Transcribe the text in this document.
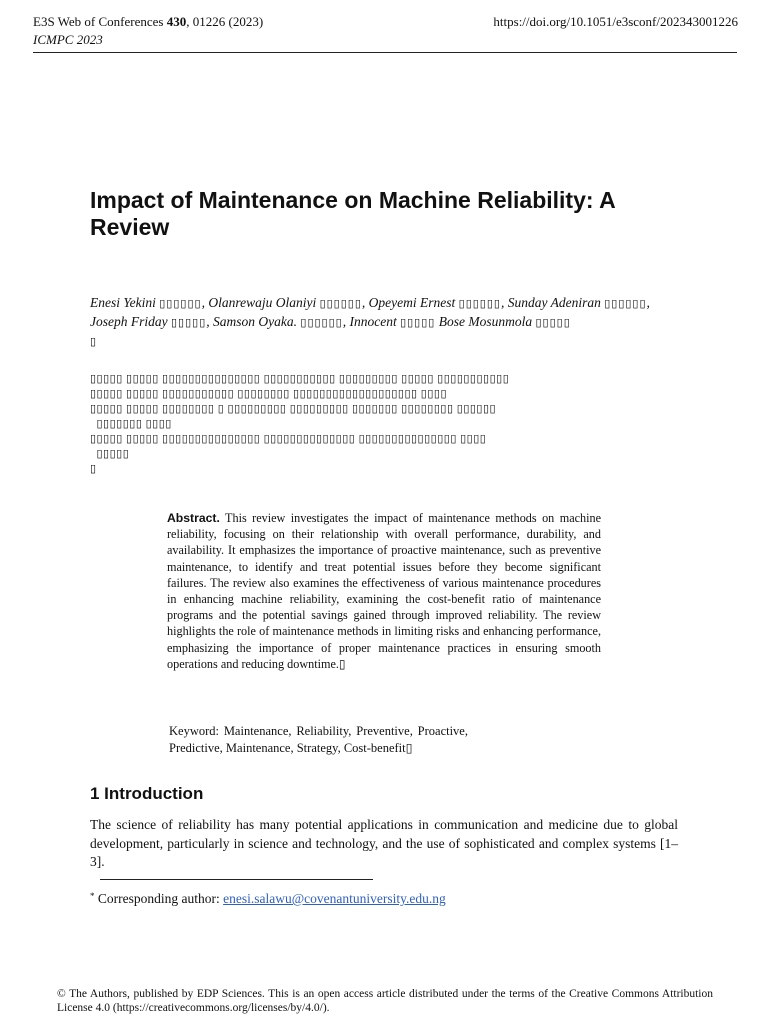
E3S Web of Conferences 430, 01226 (2023)	https://doi.org/10.1051/e3sconf/202343001226
ICMPC 2023
Impact of Maintenance on Machine Reliability: A Review
Enesi Yekini ▯▯▯▯▯▯, Olanrewaju Olaniyi ▯▯▯▯▯▯, Opeyemi Ernest ▯▯▯▯▯▯, Sunday Adeniran ▯▯▯▯▯▯, Joseph Friday ▯▯▯▯▯, Samson Oyaka. ▯▯▯▯▯▯, Innocent ▯▯▯▯▯ Bose Mosunmola ▯▯▯▯▯
▯
▯▯▯▯▯ ▯▯▯▯▯ ▯▯▯▯▯▯▯▯▯▯▯▯▯▯▯ ▯▯▯▯▯▯▯▯▯▯▯ ▯▯▯▯▯▯▯▯▯ ▯▯▯▯▯ ▯▯▯▯▯▯▯▯▯▯▯
▯▯▯▯▯ ▯▯▯▯▯ ▯▯▯▯▯▯▯▯▯▯▯ ▯▯▯▯▯▯▯▯ ▯▯▯▯▯▯▯▯▯▯▯▯▯▯▯▯▯▯▯ ▯▯▯▯
▯▯▯▯▯ ▯▯▯▯▯ ▯▯▯▯▯▯▯▯ ▯ ▯▯▯▯▯▯▯▯▯ ▯▯▯▯▯▯▯▯▯ ▯▯▯▯▯▯▯ ▯▯▯▯▯▯▯▯ ▯▯▯▯▯▯
▯▯▯▯▯▯▯ ▯▯▯▯
▯▯▯▯▯ ▯▯▯▯▯ ▯▯▯▯▯▯▯▯▯▯▯▯▯▯▯ ▯▯▯▯▯▯▯▯▯▯▯▯▯▯ ▯▯▯▯▯▯▯▯▯▯▯▯▯▯▯ ▯▯▯▯
▯▯▯▯▯
▯
Abstract. This review investigates the impact of maintenance methods on machine reliability, focusing on their relationship with overall performance, durability, and availability. It emphasizes the importance of proactive maintenance, such as preventive maintenance, to identify and treat potential issues before they become significant failures. The review also examines the effectiveness of various maintenance procedures in enhancing machine reliability, examining the cost-benefit ratio of maintenance programs and the potential savings gained through improved reliability. The review highlights the role of maintenance methods in limiting risks and enhancing performance, emphasizing the importance of proper maintenance practices in ensuring smooth operations and reducing downtime.▯
Keyword: Maintenance, Reliability, Preventive, Proactive, Predictive, Maintenance, Strategy, Cost-benefit▯
1 Introduction

The science of reliability has many potential applications in communication and medicine due to global development, particularly in science and technology, and the use of sophisticated and complex systems [1–3].

* Corresponding author: enesi.salawu@covenantuniversity.edu.ng
© The Authors, published by EDP Sciences. This is an open access article distributed under the terms of the Creative Commons Attribution License 4.0 (https://creativecommons.org/licenses/by/4.0/).
